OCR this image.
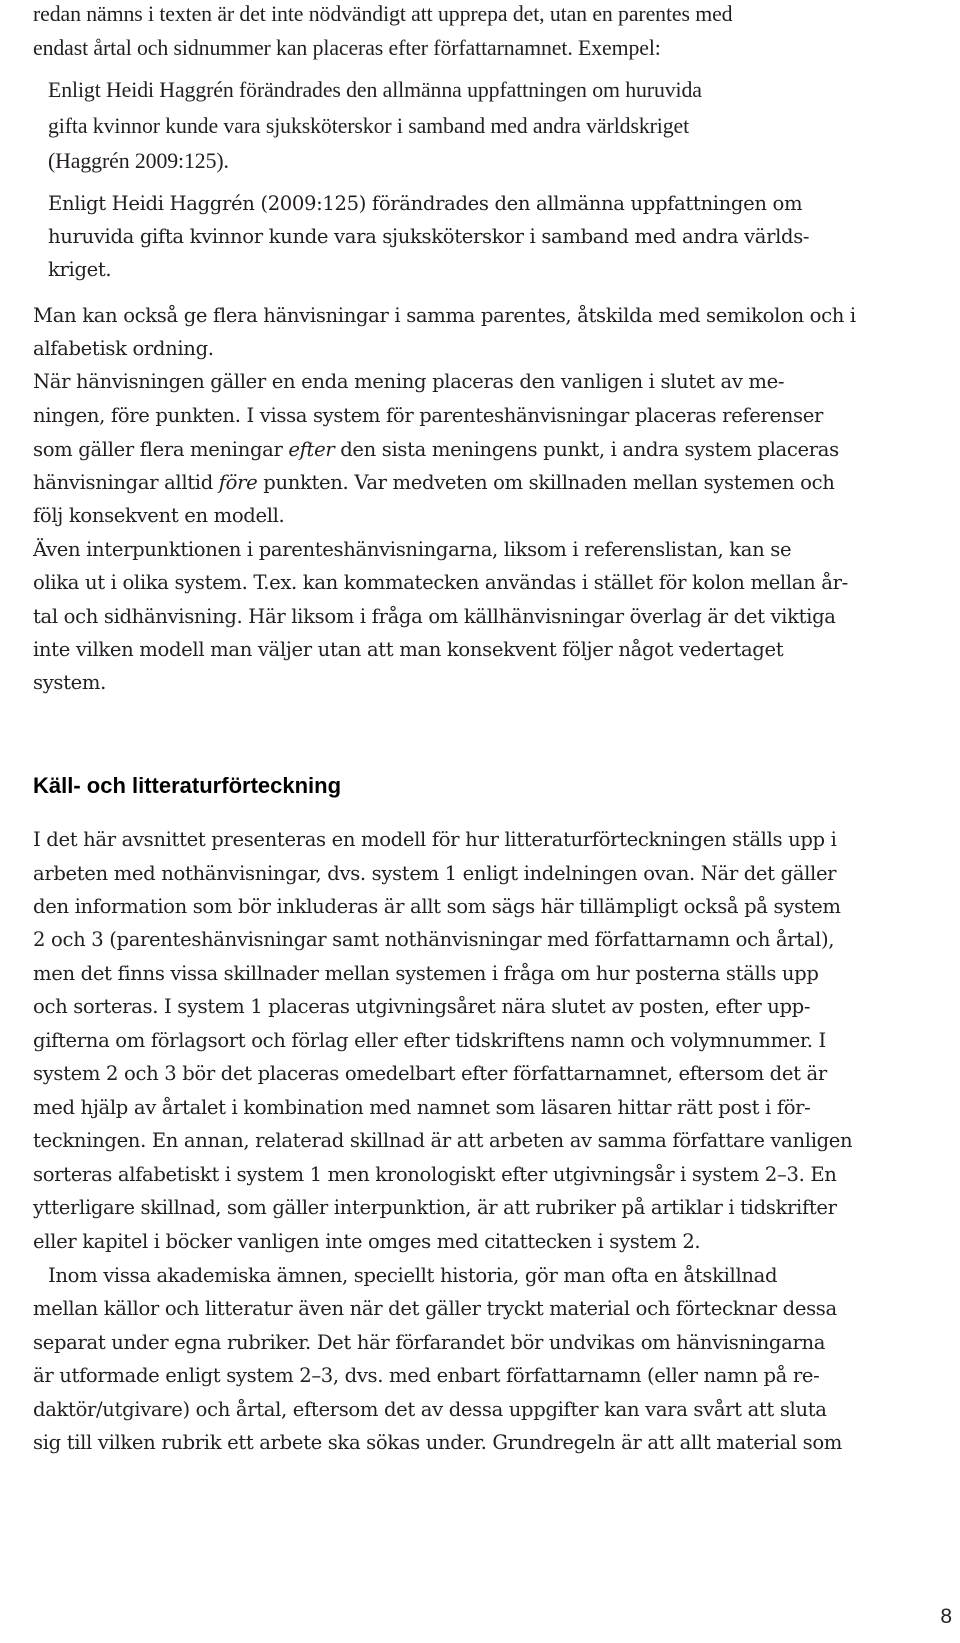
redan nämns i texten är det inte nödvändigt att upprepa det, utan en parentes med

endast årtal och sidnummer kan placeras efter författarnamnet. Exempel:

Enligt Heidi Haggrén förändrades den allmänna uppfattningen om huruvida

gifta kvinnor kunde vara sjuksköterskor i samband med andra världskriget

(Haggrén 2009:125).

Enligt Heidi Haggrén (2009:125) förändrades den allmänna uppfattningen om

huruvida gifta kvinnor kunde vara sjuksköterskor i samband med andra världs-

kriget.

Man kan också ge flera hänvisningar i samma parentes, åtskilda med semikolon och i

alfabetisk ordning.

När hänvisningen gäller en enda mening placeras den vanligen i slutet av me-

ningen, före punkten. I vissa system för parenteshänvisningar placeras referenser

som gäller flera meningar efter den sista meningens punkt, i andra system placeras

hänvisningar alltid före punkten. Var medveten om skillnaden mellan systemen och

följ konsekvent en modell.

Även interpunktionen i parenteshänvisningarna, liksom i referenslistan, kan se

olika ut i olika system. T.ex. kan kommatecken användas i stället för kolon mellan år-

tal och sidhänvisning. Här liksom i fråga om källhänvisningar överlag är det viktiga

inte vilken modell man väljer utan att man konsekvent följer något vedertaget

system.

Käll- och litteraturförteckning

I det här avsnittet presenteras en modell för hur litteraturförteckningen ställs upp i

arbeten med nothänvisningar, dvs. system 1 enligt indelningen ovan. När det gäller

den information som bör inkluderas är allt som sägs här tillämpligt också på system

2 och 3 (parenteshänvisningar samt nothänvisningar med författarnamn och årtal),

men det finns vissa skillnader mellan systemen i fråga om hur posterna ställs upp

och sorteras. I system 1 placeras utgivningsåret nära slutet av posten, efter upp-

gifterna om förlagsort och förlag eller efter tidskriftens namn och volymnummer. I

system 2 och 3 bör det placeras omedelbart efter författarnamnet, eftersom det är

med hjälp av årtalet i kombination med namnet som läsaren hittar rätt post i för-

teckningen. En annan, relaterad skillnad är att arbeten av samma författare vanligen

sorteras alfabetiskt i system 1 men kronologiskt efter utgivningsår i system 2–3. En

ytterligare skillnad, som gäller interpunktion, är att rubriker på artiklar i tidskrifter

eller kapitel i böcker vanligen inte omges med citattecken i system 2.

Inom vissa akademiska ämnen, speciellt historia, gör man ofta en åtskillnad

mellan källor och litteratur även när det gäller tryckt material och förtecknar dessa

separat under egna rubriker. Det här förfarandet bör undvikas om hänvisningarna

är utformade enligt system 2–3, dvs. med enbart författarnamn (eller namn på re-

daktör/utgivare) och årtal, eftersom det av dessa uppgifter kan vara svårt att sluta

sig till vilken rubrik ett arbete ska sökas under. Grundregeln är att allt material som

8
